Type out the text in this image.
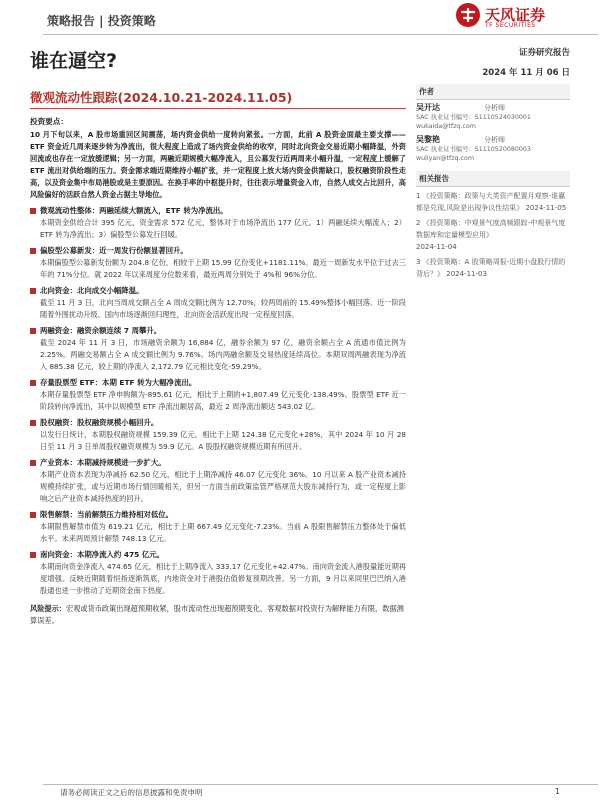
策略报告 | 投资策略	天风证券
TF SECURITIES
谁在逼空?	证券研究报告
2024 年 11 月 06 日
微观流动性跟踪(2024.10.21-2024.11.05)
投资要点：
10 月下旬以来，A 股市场重回区间震荡，场内资金供给一度转向紧张。一方面，此前 A 股资金面最主要支撑——ETF 资金近几周来逐步转为净流出，很大程度上造成了场内资金供给的收窄，同时北向资金交易近期小幅降温，外资回流或也存在一定放缓逻辑；另一方面，两融近期规模大幅净流入，且公募发行近两周来小幅升温，一定程度上缓解了 ETF 流出对供给端的压力。资金需求端近期维持小幅扩张，并一定程度上放大场内资金供需缺口，股权融资阶段性走高，以及资金集中布局港股或是主要原因。在换手率的中枢提升时，往往表示增量资金入市，自然人成交占比回升，高风险偏好的活跃自然人资金占据主导地位。
微观流动性整体：两融延续大额流入，ETF 转为净流出。
本期资金供给合计 395 亿元，资金需求 572 亿元，整体对于市场净流出 177 亿元。1）两融延续大幅流入；2）ETF 转为净流出；3）偏股型公募发行回暖。
偏股型公募新发：近一周发行份额显著回升。
本期偏股型公募新发份额为 204.8 亿份，相较于上期 15.99 亿份变化+1181.11%。最近一周新发水平位于过去三年的 71%分位。就 2022 年以来周度分位数来看，最近两周分别处于 4%和 96%分位。
北向资金：北向成交小幅降温。
截至 11 月 3 日，北向当周成交额占全 A 周成交额比例为 12.70%，较两周前的 15.49%整体小幅回落。近一阶段随着外围扰动升级、国内市场逐渐回归理性，北向资金活跃度出现一定程度回落。
两融资金：融资余额连续 7 周攀升。
截至 2024 年 11 月 3 日，市场融资余额为 16,884 亿，融券余额为 97 亿，融资余额占全 A 流通市值比例为 2.25%。两融交易额占全 A 成交额比例为 9.76%。场内两融余额及交易热度延续高位。本期双周两融表现为净流入 885.38 亿元，较上期的净流入 2,172.79 亿元相比变化-59.29%。
存量股票型 ETF：本期 ETF 转为大幅净流出。
本期存量股票型 ETF 净申购额为-895.61 亿元，相比于上期的+1,807.49 亿元变化-138.49%。股票型 ETF 近一阶段转向净流出，其中以规模型 ETF 净流出额居高，最近 2 周净流出额达 543.02 亿。
股权融资：股权融资规模小幅回升。
以发行日统计，本期股权融资规模 159.39 亿元，相比于上期 124.38 亿元变化+28%，其中 2024 年 10 月 28 日至 11 月 3 日单周股权融资规模为 59.9 亿元。A 股股权融资规模近期有所回升。
产业资本：本期减持规模进一步扩大。
本期产业资本表现为净减持 62.50 亿元，相比于上期净减持 46.07 亿元变化 36%。10 月以来 A 股产业资本减持规模持续扩张，或与近期市场行情回暖相关，但另一方面当前政策监管严格规范大股东减持行为，或一定程度上影响之后产业资本减持热度的回升。
限售解禁：当前解禁压力维持相对低位。
本期限售解禁市值为 619.21 亿元，相比于上期 667.49 亿元变化-7.23%。当前 A 股限售解禁压力整体处于偏低水平。未来两周预计解禁 748.13 亿元。
南向资金：本期净流入约 475 亿元。
本期南向资金净流入 474.65 亿元，相比于上期净流入 333.17 亿元变化+42.47%。南向资金流入港股量能近期再度增强。反映近期随着恒指逐渐筑底，内地资金对于港股估值修复预期改善。另一方面，9 月以来同里巴巴纳入港股通也进一步推动了近期资金南下热度。
风险提示：宏观或货币政策出现超预期收紧，股市流动性出现超预期变化，客观数据对投资行为解释能力有限，数据测算误差。
作者
吴开达	分析师
SAC 执业证书编号：S1110524030001
wukaida@tfzq.com
吴黎艳	分析师
SAC 执业证书编号：S1110520080003
wuliyan@tfzq.com
相关报告
1 《投资策略：政策与大类资产配置月观察-谁赢都是兑现,风险是出现争议性结果》 2024-11-05
2 《投资策略：中观景气度高频跟踪-中观景气度数据库和定量模型应用》
2024-11-04
3 《投资策略：A 股策略周报-近期小盘股行情的背后？》 2024-11-03
请务必阅读正文之后的信息披露和免责申明	1
